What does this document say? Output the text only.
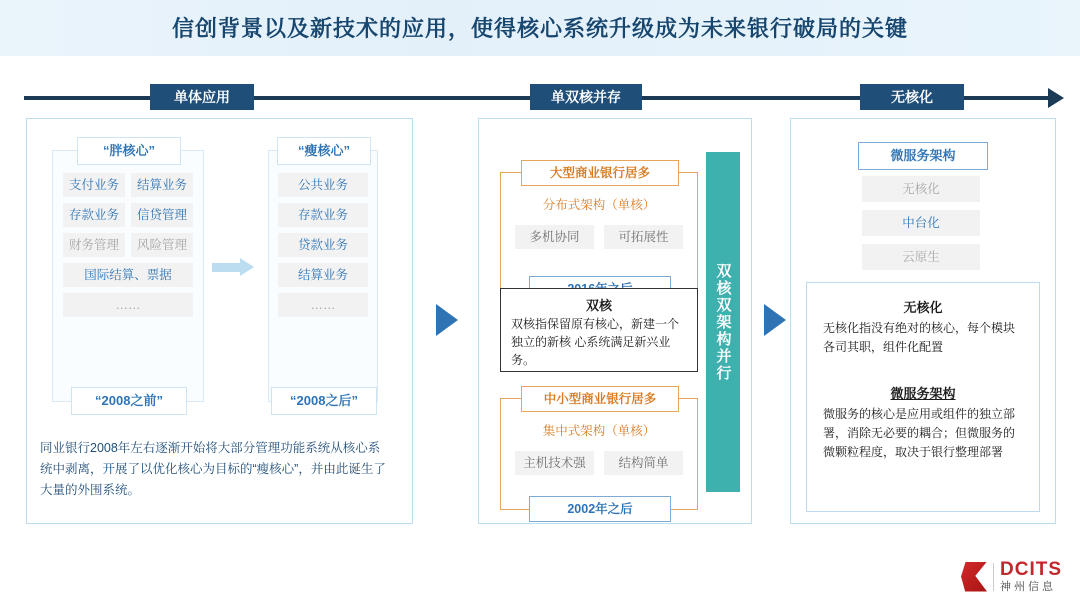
信创背景以及新技术的应用，使得核心系统升级成为未来银行破局的关键
单体应用	单双核并存	无核化
“胖核心”
支付业务	结算业务
存款业务	信贷管理
财务管理	风险管理
国际结算、票据
……
“2008之前”
“瘦核心”
公共业务
存款业务
贷款业务
结算业务
……
“2008之后”
同业银行2008年左右逐渐开始将大部分管理功能系统从核心系统中剥离，开展了以优化核心为目标的“瘦核心”，并由此诞生了大量的外围系统。
大型商业银行居多
分布式架构（单核）
多机协同	可拓展性
双核
双核指保留原有核心，新建一个独立的新核 心系统满足新兴业务。
中小型商业银行居多
集中式架构（单核）
主机技术强	结构简单
2002年之后
双核双架构并行
微服务架构
无核化
中台化
云原生
无核化
无核化指没有绝对的核心，每个模块各司其职，组件化配置
微服务架构
微服务的核心是应用或组件的独立部署，消除无必要的耦合；但微服务的微颗粒程度，取决于银行整理部署
DCITS
神州信息
